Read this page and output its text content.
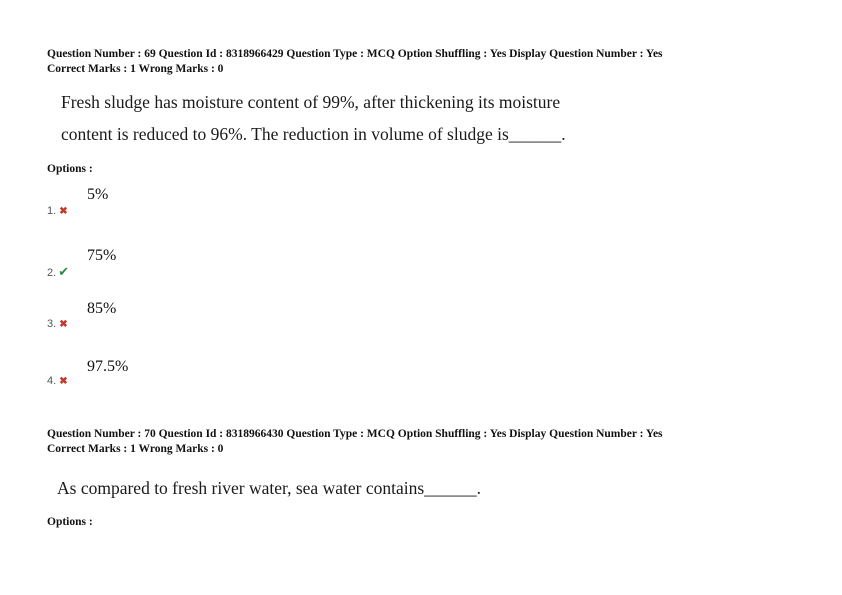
Question Number : 69 Question Id : 8318966429 Question Type : MCQ Option Shuffling : Yes Display Question Number : Yes
Correct Marks : 1 Wrong Marks : 0
Fresh sludge has moisture content of 99%, after thickening its moisture
content is reduced to 96%. The reduction in volume of sludge is______.
Options :
5%
1. ✖
75%
2. ✔
85%
3. ✖
97.5%
4. ✖
Question Number : 70 Question Id : 8318966430 Question Type : MCQ Option Shuffling : Yes Display Question Number : Yes
Correct Marks : 1 Wrong Marks : 0
As compared to fresh river water, sea water contains______.
Options :
